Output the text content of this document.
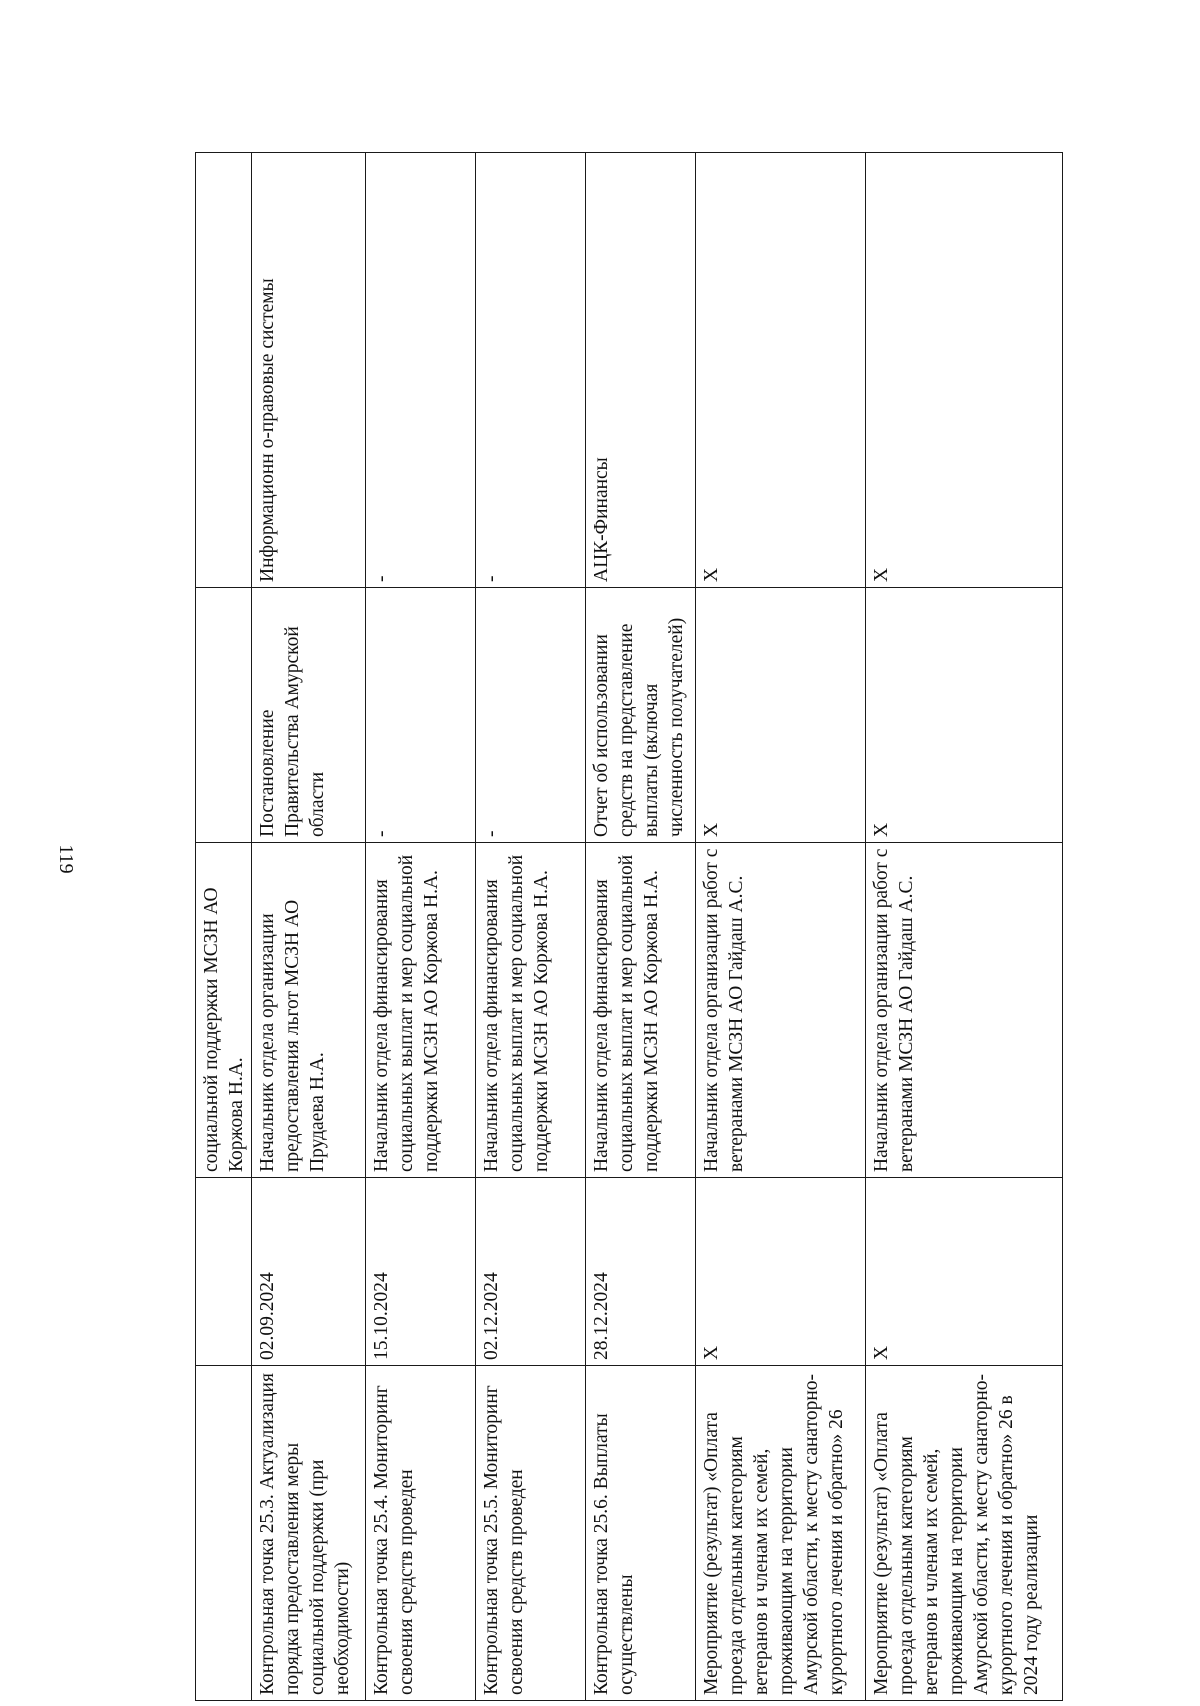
119
		социальной поддержки МСЗН АО Коржова Н.А.		
Контрольная точка 25.3. Актуализация порядка предоставления меры социальной поддержки (при необходимости)	02.09.2024	Начальник отдела организации предоставления льгот МСЗН АО Прудаева Н.А.	Постановление Правительства Амурской области	Информационн о-правовые системы
Контрольная точка 25.4. Мониторинг освоения средств проведен	15.10.2024	Начальник отдела финансирования социальных выплат и мер социальной поддержки МСЗН АО Коржова Н.А.	-	-
Контрольная точка 25.5. Мониторинг освоения средств проведен	02.12.2024	Начальник отдела финансирования социальных выплат и мер социальной поддержки МСЗН АО Коржова Н.А.	-	-
Контрольная точка 25.6. Выплаты осуществлены	28.12.2024	Начальник отдела финансирования социальных выплат и мер социальной поддержки МСЗН АО Коржова Н.А.	Отчет об использовании средств на представление выплаты (включая численность получателей)	АЦК-Финансы
Мероприятие (результат) «Оплата проезда отдельным категориям ветеранов и членам их семей, проживающим на территории Амурской области, к месту санаторно-курортного лечения и обратно» 26	Х	Начальник отдела организации работ с ветеранами МСЗН АО Гайдаш А.С.	Х	Х
Мероприятие (результат) «Оплата проезда отдельным категориям ветеранов и членам их семей, проживающим на территории Амурской области, к месту санаторно-курортного лечения и обратно» 26 в 2024 году реализации	Х	Начальник отдела организации работ с ветеранами МСЗН АО Гайдаш А.С.	Х	Х
